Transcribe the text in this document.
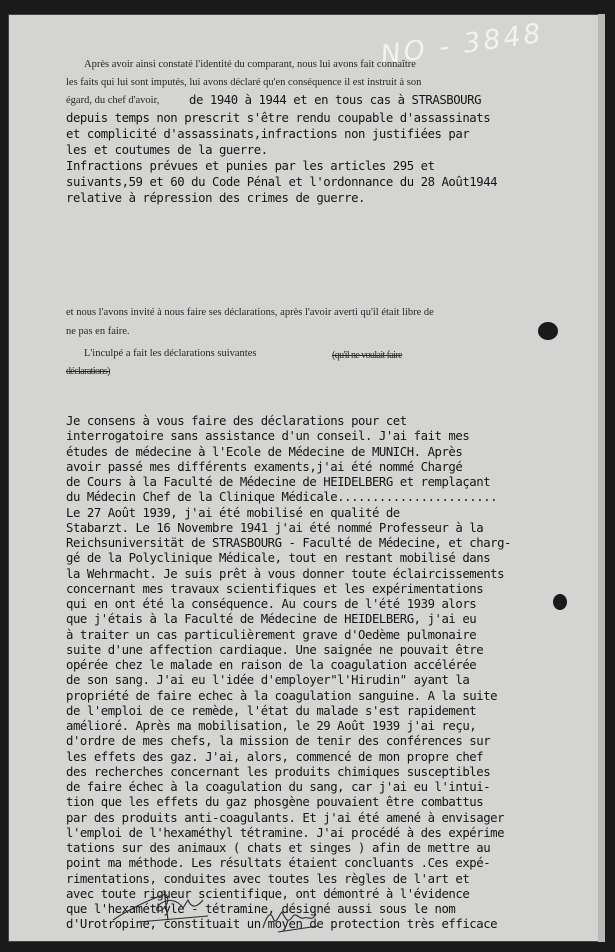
NO - 3848
Après avoir ainsi constaté l'identité du comparant, nous lui avons fait connaître
les faits qui lui sont imputés, lui avons déclaré qu'en conséquence il est instruit à son
égard, du chef d'avoir, de 1940 à 1944 et en tous cas à STRASBOURG
depuis temps non prescrit s'être rendu coupable d'assassinats
et complicité d'assassinats,infractions non justifiées par
les et coutumes de la guerre.
Infractions prévues et punies par les articles 295 et
suivants,59 et 60 du Code Pénal et l'ordonnance du 28 Août1944
relative à répression des crimes de guerre.
et nous l'avons invité à nous faire ses déclarations, après l'avoir averti qu'il était libre de
ne pas en faire.
L'inculpé a fait les déclarations suivantes	(qu'il ne voulait faire
déclarations)
Je consens à vous faire des déclarations pour cet
interrogatoire sans assistance d'un conseil. J'ai fait mes
études de médecine à l'Ecole de Médecine de MUNICH. Après
avoir passé mes différents examents,j'ai été nommé Chargé
de Cours à la Faculté de Médecine de HEIDELBERG et remplaçant
du Médecin Chef de la Clinique Médicale.......................
Le 27 Août 1939, j'ai été mobilisé en qualité de
Stabarzt. Le 16 Novembre 1941 j'ai été nommé Professeur à la
Reichsuniversität de STRASBOURG - Faculté de Médecine, et charg-
gé de la Polyclinique Médicale, tout en restant mobilisé dans
la Wehrmacht. Je suis prêt à vous donner toute éclaircissements
concernant mes travaux scientifiques et les expérimentations
qui en ont été la conséquence. Au cours de l'été 1939 alors
que j'étais à la Faculté de Médecine de HEIDELBERG, j'ai eu
à traiter un cas particulièrement grave d'Oedème pulmonaire
suite d'une affection cardiaque. Une saignée ne pouvait être
opérée chez le malade en raison de la coagulation accélérée
de son sang. J'ai eu l'idée d'employer"l'Hirudin" ayant la
propriété de faire echec à la coagulation sanguine. A la suite
de l'emploi de ce remède, l'état du malade s'est rapidement
amélioré. Après ma mobilisation, le 29 Août 1939 j'ai reçu,
d'ordre de mes chefs, la mission de tenir des conférences sur
les effets des gaz. J'ai, alors, commencé de mon propre chef
des recherches concernant les produits chimiques susceptibles
de faire échec à la coagulation du sang, car j'ai eu l'intui-
tion que les effets du gaz phosgène pouvaient être combattus
par des produits anti-coagulants. Et j'ai été amené à envisager
l'emploi de l'hexaméthyl tétramine. J'ai procédé à des expérime
tations sur des animaux ( chats et singes ) afin de mettre au
point ma méthode. Les résultats étaient concluants .Ces expé-
rimentations, conduites avec toutes les règles de l'art et
avec toute rigueur scientifique, ont démontré à l'évidence
que l'hexaméthyle - tétramine, désigné aussi sous le nom
d'Urotropine, constituait un moyen de protection très efficace
